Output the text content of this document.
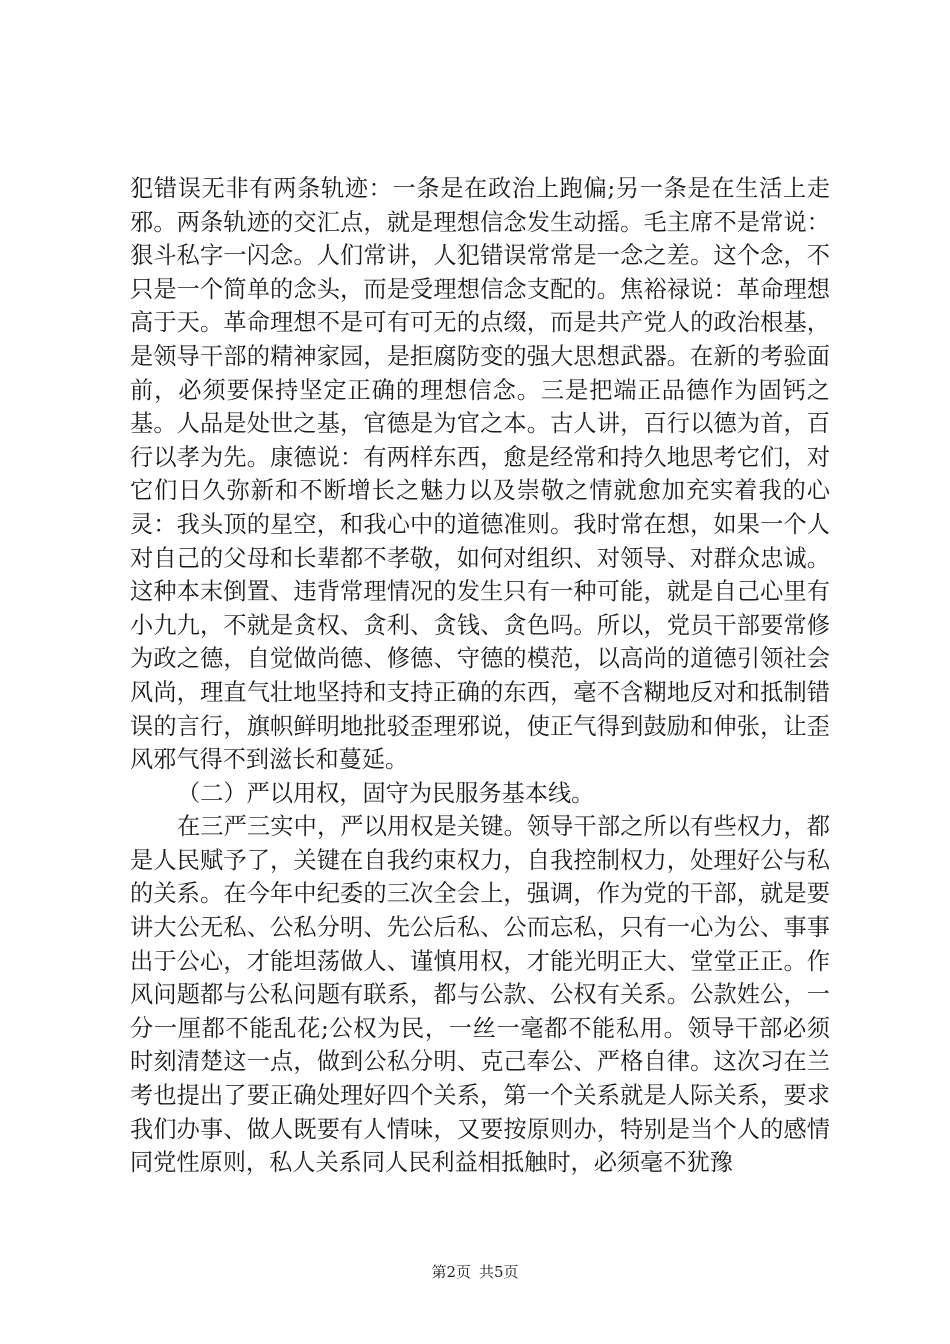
犯错误无非有两条轨迹：一条是在政治上跑偏;另一条是在生活上走邪。两条轨迹的交汇点，就是理想信念发生动摇。毛主席不是常说：狠斗私字一闪念。人们常讲，人犯错误常常是一念之差。这个念，不只是一个简单的念头，而是受理想信念支配的。焦裕禄说：革命理想高于天。革命理想不是可有可无的点缀，而是共产党人的政治根基，是领导干部的精神家园，是拒腐防变的强大思想武器。在新的考验面前，必须要保持坚定正确的理想信念。三是把端正品德作为固钙之基。人品是处世之基，官德是为官之本。古人讲，百行以德为首，百行以孝为先。康德说：有两样东西，愈是经常和持久地思考它们，对它们日久弥新和不断增长之魅力以及崇敬之情就愈加充实着我的心灵：我头顶的星空，和我心中的道德准则。我时常在想，如果一个人对自己的父母和长辈都不孝敬，如何对组织、对领导、对群众忠诚。这种本末倒置、违背常理情况的发生只有一种可能，就是自己心里有小九九，不就是贪权、贪利、贪钱、贪色吗。所以，党员干部要常修为政之德，自觉做尚德、修德、守德的模范，以高尚的道德引领社会风尚，理直气壮地坚持和支持正确的东西，毫不含糊地反对和抵制错误的言行，旗帜鲜明地批驳歪理邪说，使正气得到鼓励和伸张，让歪风邪气得不到滋长和蔓延。

（二）严以用权，固守为民服务基本线。

在三严三实中，严以用权是关键。领导干部之所以有些权力，都是人民赋予了，关键在自我约束权力，自我控制权力，处理好公与私的关系。在今年中纪委的三次全会上，强调，作为党的干部，就是要讲大公无私、公私分明、先公后私、公而忘私，只有一心为公、事事出于公心，才能坦荡做人、谨慎用权，才能光明正大、堂堂正正。作风问题都与公私问题有联系，都与公款、公权有关系。公款姓公，一分一厘都不能乱花;公权为民，一丝一毫都不能私用。领导干部必须时刻清楚这一点，做到公私分明、克己奉公、严格自律。这次习在兰考也提出了要正确处理好四个关系，第一个关系就是人际关系，要求我们办事、做人既要有人情味，又要按原则办，特别是当个人的感情同党性原则，私人关系同人民利益相抵触时，必须毫不犹豫

第2页 共5页
